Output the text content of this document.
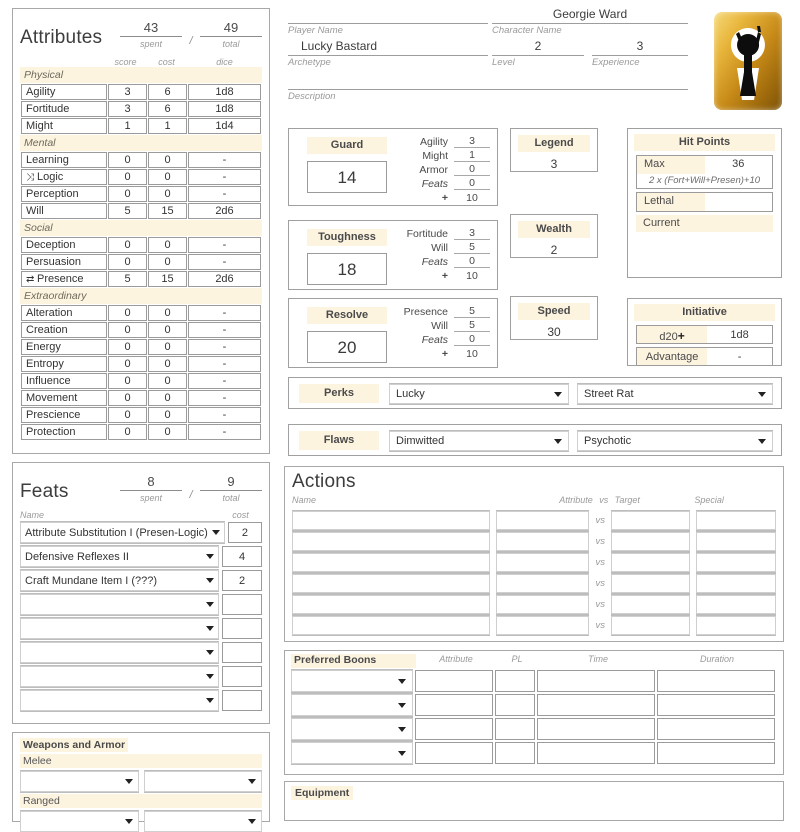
Attributes	43
spent	/
49
total
score	cost	dice
Physical
Agility	3	6	1d8
Fortitude	3	6	1d8
Might	1	1	1d4
Mental
Learning	0	0	-
⤨ Logic	0	0	-
Perception	0	0	-
Will	5	15	2d6
Social
Deception	0	0	-
Persuasion	0	0	-
⇄ Presence	5	15	2d6
Extraordinary
Alteration	0	0	-
Creation	0	0	-
Energy	0	0	-
Entropy	0	0	-
Influence	0	0	-
Movement	0	0	-
Prescience	0	0	-
Protection	0	0	-
Feats	8
spent	/
9
total
Name	cost
Attribute Substitution I (Presen-Logic)	2
Defensive Reflexes II	4
Craft Mundane Item I (???)	2
Weapons and Armor
Melee
Ranged
Player Name
Georgie Ward
Character Name
Lucky Bastard
Archetype
2
Level
3
Experience
Description
Guard
14
Agility	3
Might	1
Armor	0
Feats	0
+	10
Toughness
18
Fortitude	3
Will	5
Feats	0
+	10
Resolve
20
Presence	5
Will	5
Feats	0
+	10
Legend
3
Wealth
2
Speed
30
Hit Points
Max	36
2 x (Fort+Will+Presen)+10
Lethal
Current
Initiative
d20+	1d8
Advantage	-
Perks	Lucky	Street Rat
Flaws	Dimwitted	Psychotic
Actions
Name	Attribute vs Target	Special
vs
vs
vs
vs
vs
vs
Preferred Boons	Attribute	PL	Time	Duration
Equipment
